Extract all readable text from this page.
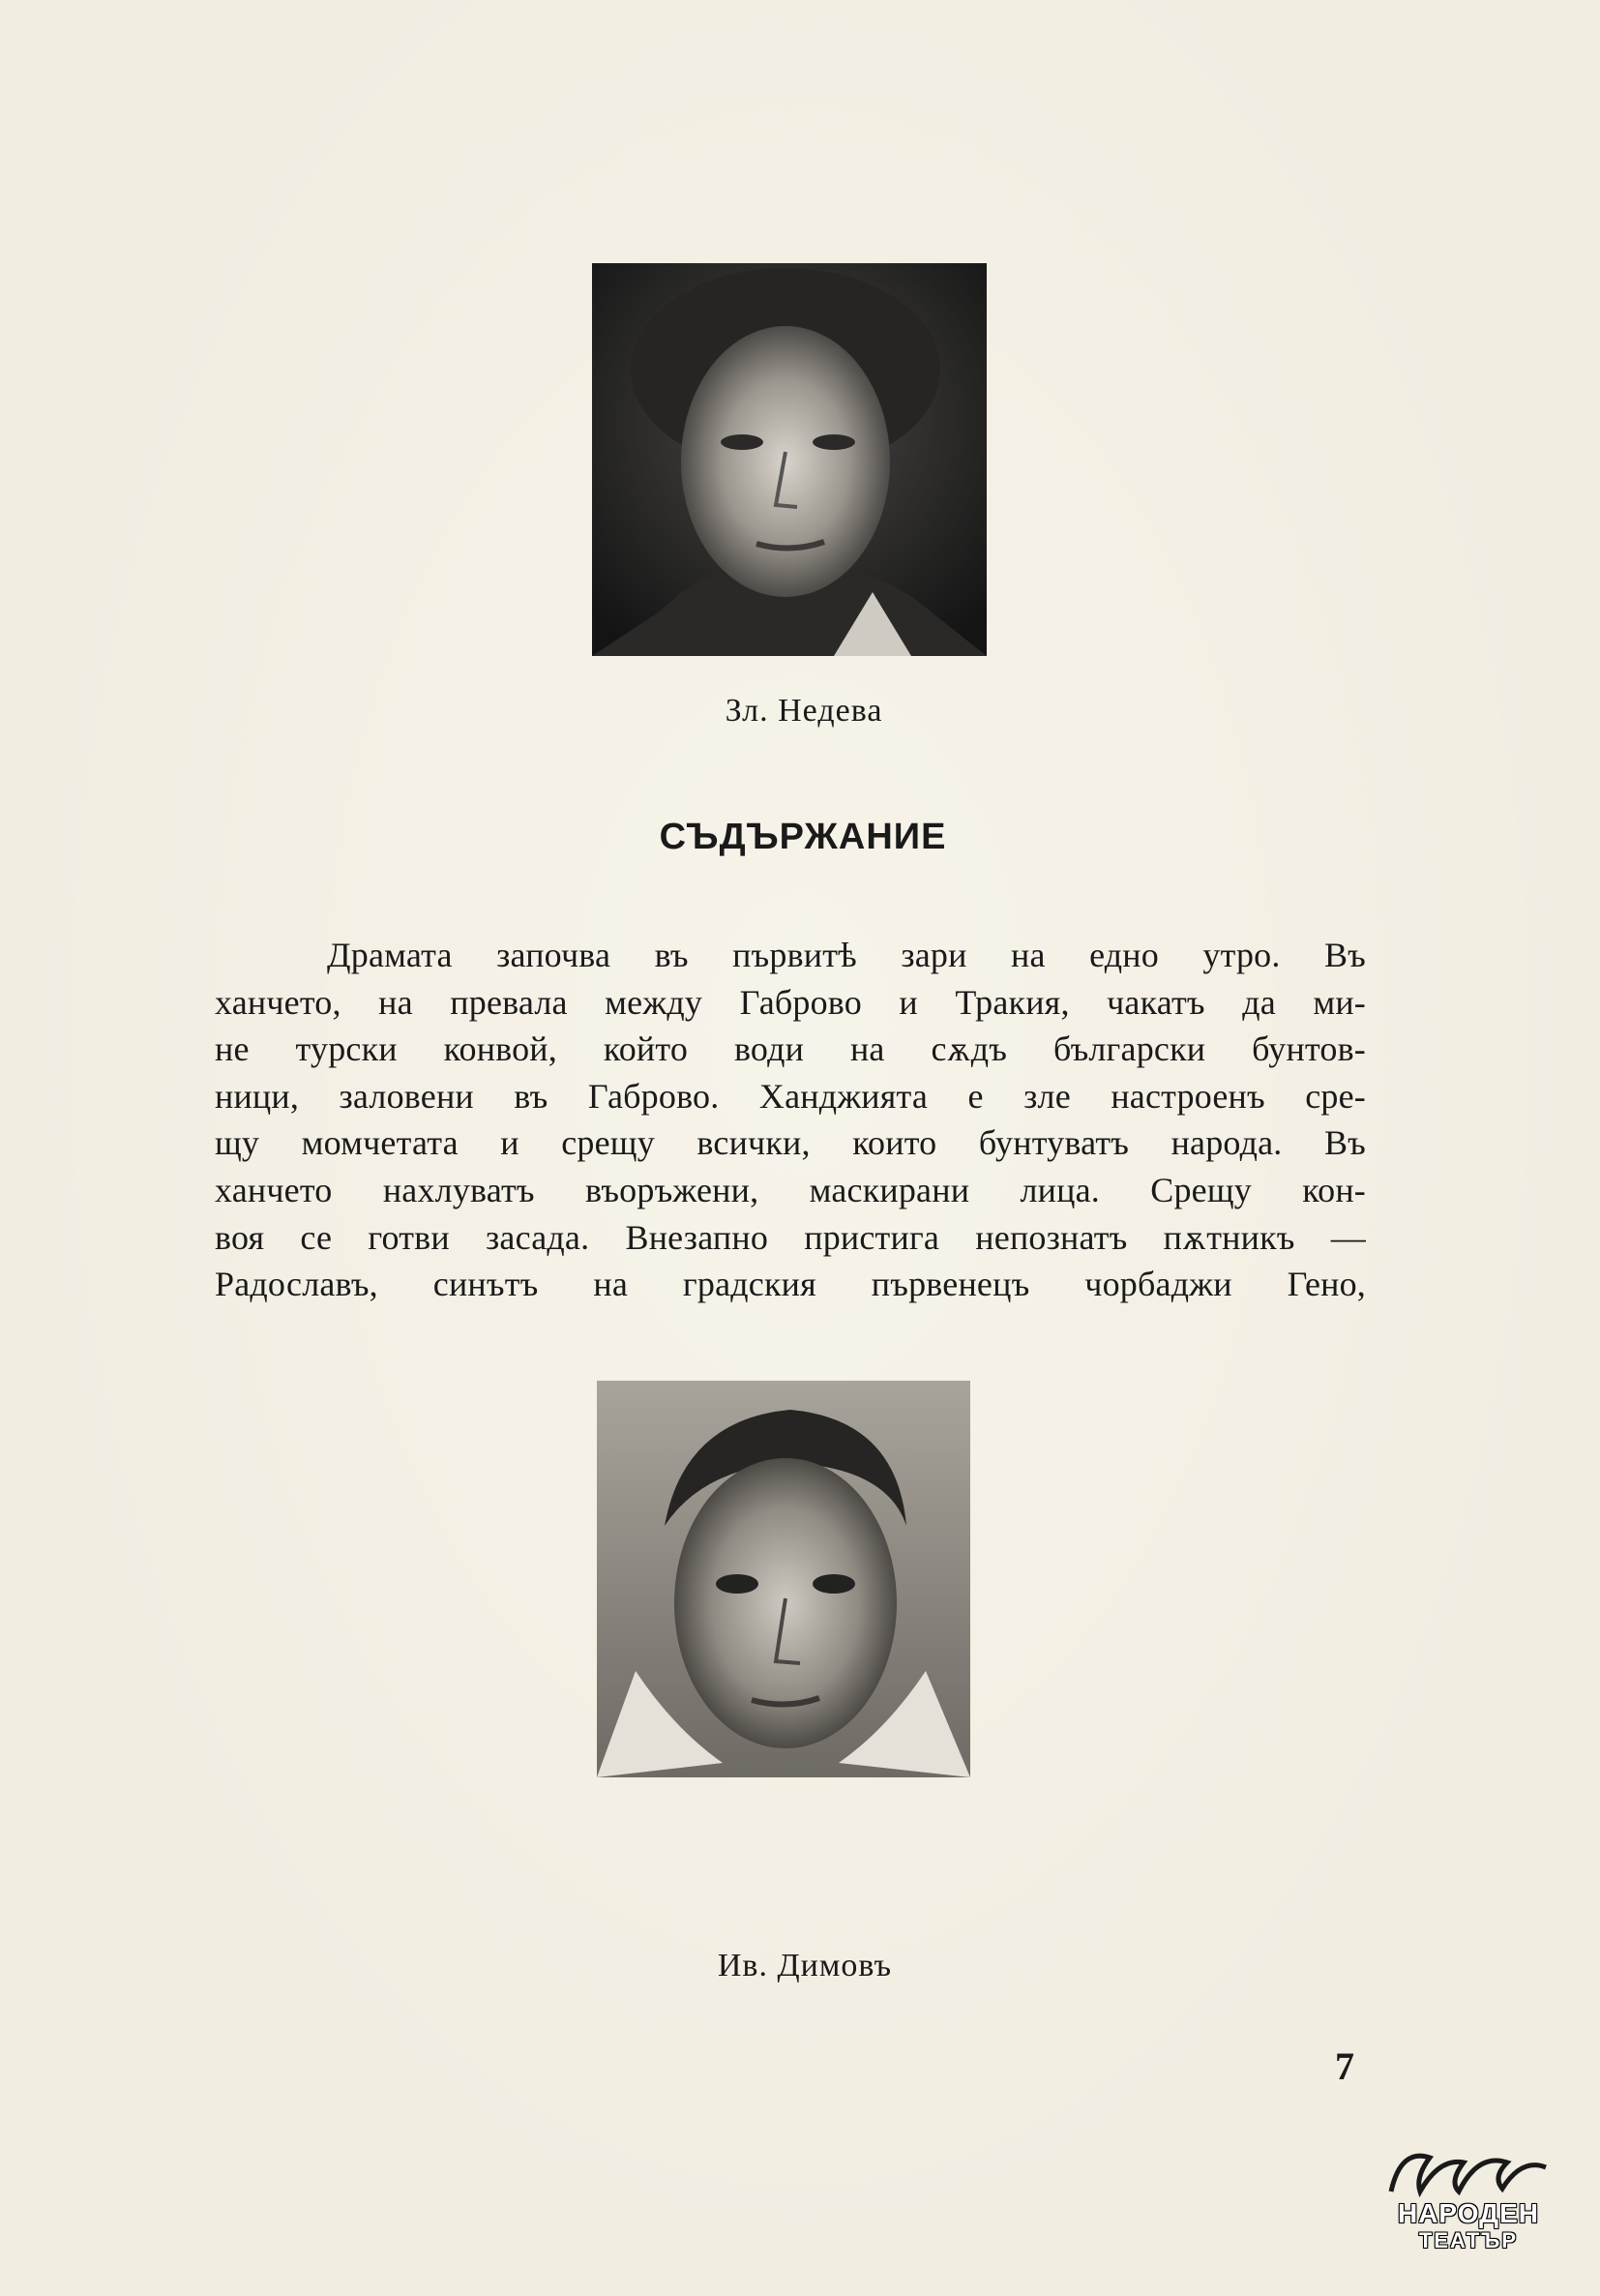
Зл. Недева
СЪДЪРЖАНИЕ
Драмата започва въ първитѣ зари на едно утро. Въ
ханчето, на превала между Габрово и Тракия, чакатъ да ми-
не турски конвой, който води на сѫдъ български бунтов-
ници, заловени въ Габрово. Ханджията е зле настроенъ сре-
щу момчетата и срещу всички, които бунтуватъ народа. Въ
ханчето нахлуватъ въоръжени, маскирани лица. Срещу кон-
воя се готви засада. Внезапно пристига непознатъ пѫтникъ —
Радославъ, синътъ на градския първенецъ чорбаджи Гено,
Ив. Димовъ
7
НАРОДЕН
ТЕАТЪР
